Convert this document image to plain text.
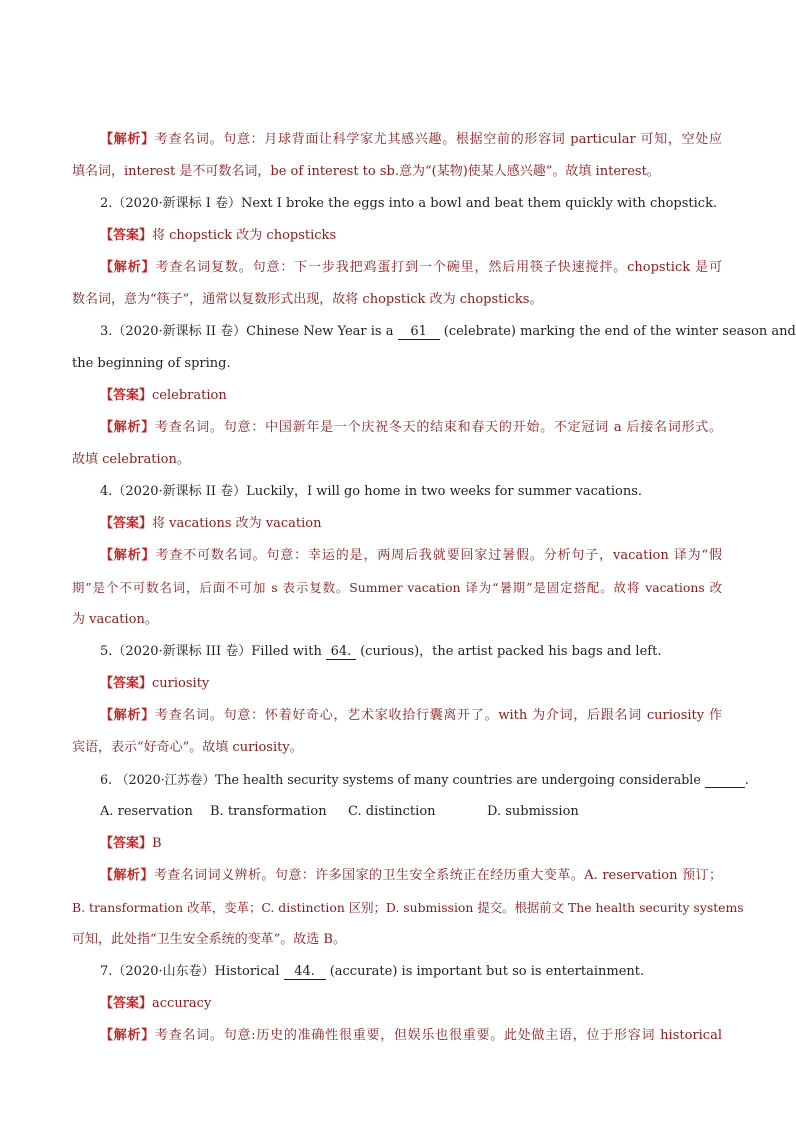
【解析】考查名词。句意：月球背面让科学家尤其感兴趣。根据空前的形容词 particular 可知，空处应
填名词，interest 是不可数名词，be of interest to sb.意为“(某物)使某人感兴趣”。故填 interest。
2.（2020·新课标 I 卷）Next I broke the eggs into a bowl and beat them quickly with chopstick.
【答案】将 chopstick 改为 chopsticks
【解析】考查名词复数。句意：下一步我把鸡蛋打到一个碗里，然后用筷子快速搅拌。chopstick 是可
数名词，意为“筷子”，通常以复数形式出现，故将 chopstick 改为 chopsticks。
3.（2020·新课标 II 卷）Chinese New Year is a 61 (celebrate) marking the end of the winter season and
the beginning of spring.
【答案】celebration
【解析】考查名词。句意：中国新年是一个庆祝冬天的结束和春天的开始。不定冠词 a 后接名词形式。
故填 celebration。
4.（2020·新课标 II 卷）Luckily，I will go home in two weeks for summer vacations.
【答案】将 vacations 改为 vacation
【解析】考查不可数名词。句意：幸运的是，两周后我就要回家过暑假。分析句子，vacation 译为“假
期”是个不可数名词，后面不可加 s 表示复数。Summer vacation 译为“暑期”是固定搭配。故将 vacations 改
为 vacation。
5.（2020·新课标 III 卷）Filled with 64. (curious)，the artist packed his bags and left.
【答案】curiosity
【解析】考查名词。句意：怀着好奇心，艺术家收拾行囊离开了。with 为介词，后跟名词 curiosity 作
宾语，表示“好奇心”。故填 curiosity。
6. （2020·江苏卷）The health security systems of many countries are undergoing considerable	.
A. reservation B. transformation C. distinction	D. submission
【答案】B
【解析】考查名词词义辨析。句意：许多国家的卫生安全系统正在经历重大变革。A. reservation 预订；
B. transformation 改革，变革；C. distinction 区别；D. submission 提交。根据前文 The health security systems
可知，此处指“卫生安全系统的变革”。故选 B。
7.（2020·山东卷）Historical 44. (accurate) is important but so is entertainment.
【答案】accuracy
【解析】考查名词。句意:历史的准确性很重要，但娱乐也很重要。此处做主语，位于形容词 historical
